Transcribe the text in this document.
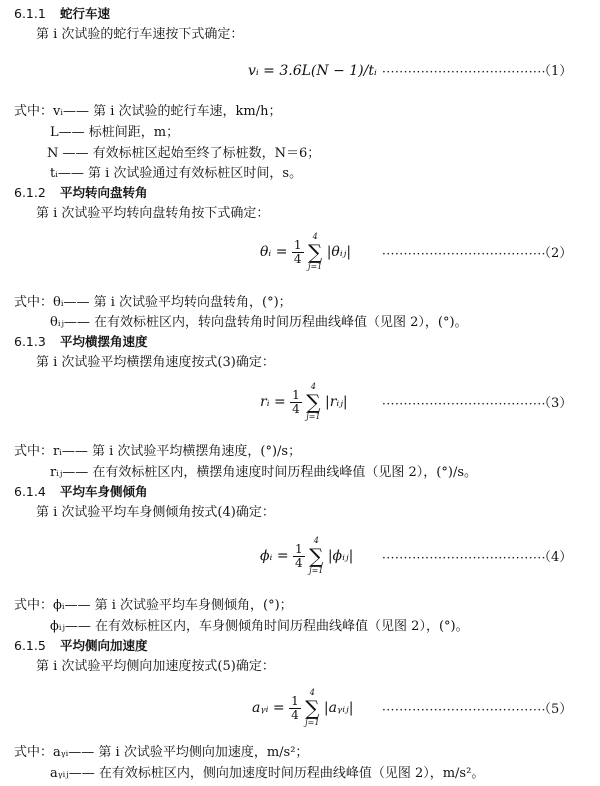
6.1.1 蛇行车速
第 i 次试验的蛇行车速按下式确定：
vᵢ = 3.6L(N − 1)/tᵢ ······································
（1）
式中：vᵢ—— 第 i 次试验的蛇行车速，km/h；
L—— 标桩间距，m；
N —— 有效标桩区起始至终了标桩数，N＝6；
tᵢ—— 第 i 次试验通过有效标桩区时间，s。
6.1.2 平均转向盘转角
第 i 次试验平均转向盘转角按下式确定：
θᵢ = $\frac{1}{4}$

4
∑
j=1
|θᵢⱼ|	······································
（2）
式中：θᵢ—— 第 i 次试验平均转向盘转角，(°)；
θᵢⱼ—— 在有效标桩区内，转向盘转角时间历程曲线峰值（见图 2），(°)。
6.1.3 平均横摆角速度
第 i 次试验平均横摆角速度按式(3)确定：
rᵢ = $\frac{1}{4}$

4
∑
j=1
|rᵢⱼ|	······································
（3）
式中：rᵢ—— 第 i 次试验平均横摆角速度，(°)/s；
rᵢⱼ—— 在有效标桩区内，横摆角速度时间历程曲线峰值（见图 2），(°)/s。
6.1.4 平均车身侧倾角
第 i 次试验平均车身侧倾角按式(4)确定：
ϕᵢ = $\frac{1}{4}$

4
∑
j=1
|ϕᵢⱼ| ······································
（4）
式中：ϕᵢ—— 第 i 次试验平均车身侧倾角，(°)；
ϕᵢⱼ—— 在有效标桩区内，车身侧倾角时间历程曲线峰值（见图 2），(°)。
6.1.5 平均侧向加速度
第 i 次试验平均侧向加速度按式(5)确定：
aᵧᵢ = $\frac{1}{4}$

4
∑
j=1
|aᵧᵢⱼ| ······································
（5）
式中：aᵧᵢ—— 第 i 次试验平均侧向加速度，m/s²；
aᵧᵢⱼ—— 在有效标桩区内，侧向加速度时间历程曲线峰值（见图 2），m/s²。
